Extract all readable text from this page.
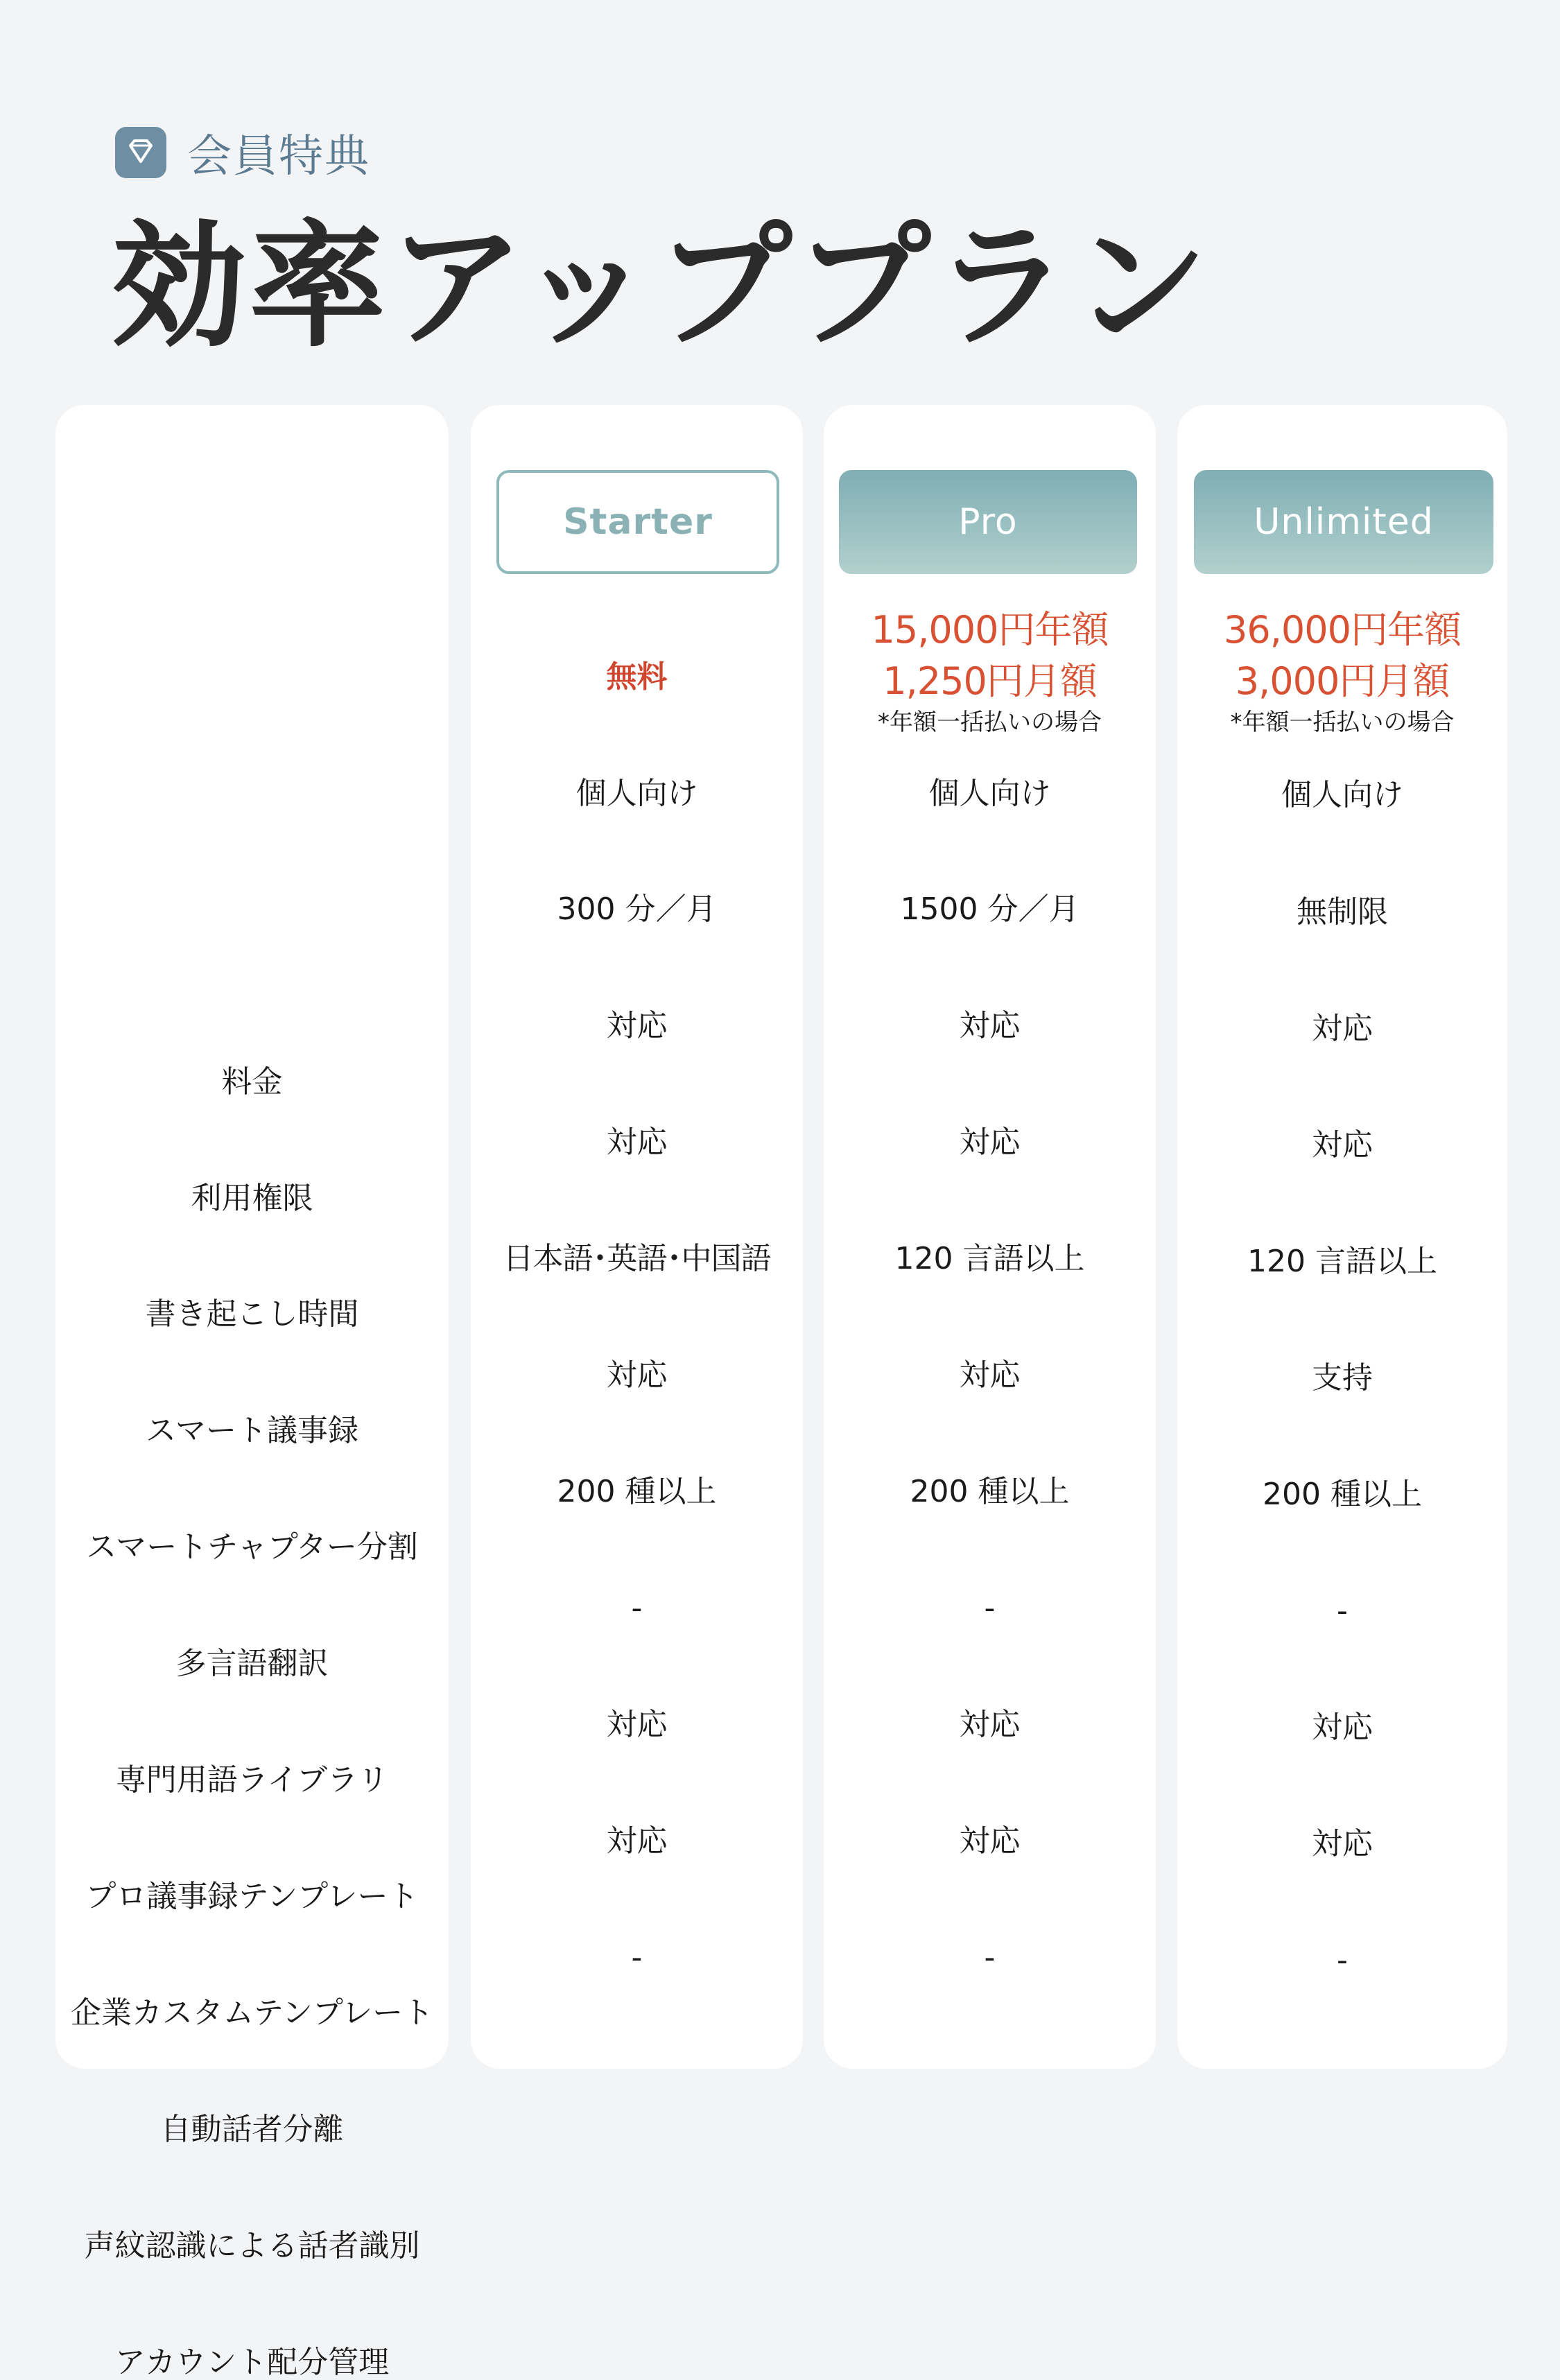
会員特典
効率アッププラン
料金
利用権限
書き起こし時間
スマート議事録
スマートチャプター分割
多言語翻訳
専門用語ライブラリ
プロ議事録テンプレート
企業カスタムテンプレート
自動話者分離
声紋認識による話者識別
アカウント配分管理
Starter
無料
個人向け
300 分／月
対応
対応
日本語･英語･中国語
対応
200 種以上
-
対応
対応
-
Pro
15,000円年額
1,250円月額
*年額一括払いの場合
個人向け
1500 分／月
対応
対応
120 言語以上
対応
200 種以上
-
対応
対応
-
Unlimited
36,000円年額
3,000円月額
*年額一括払いの場合
個人向け
無制限
対応
対応
120 言語以上
支持
200 種以上
-
対応
対応
-
